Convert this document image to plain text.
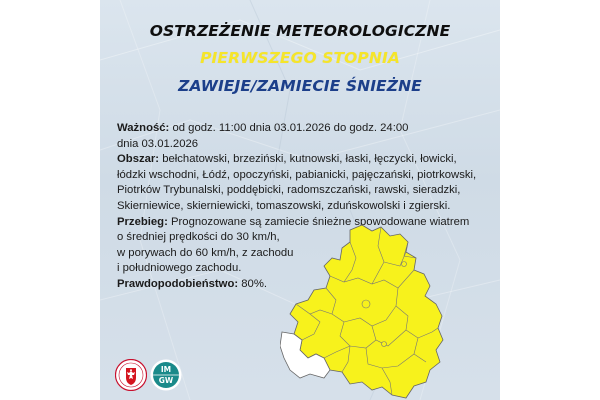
OSTRZEŻENIE METEOROLOGICZNE
PIERWSZEGO STOPNIA
ZAWIEJE/ZAMIECIE ŚNIEŻNE
Ważność: od godz. 11:00 dnia 03.01.2026 do godz. 24:00
dnia 03.01.2026
Obszar: bełchatowski, brzeziński, kutnowski, łaski, łęczycki, łowicki,
łódzki wschodni, Łódź, opoczyński, pabianicki, pajęczański, piotrkowski,
Piotrków Trybunalski, poddębicki, radomszczański, rawski, sieradzki,
Skierniewice, skierniewicki, tomaszowski, zduńskowolski i zgierski.
Przebieg: Prognozowane są zamiecie śnieżne spowodowane wiatrem
o średniej prędkości do 30 km/h,
w porywach do 60 km/h, z zachodu
i południowego zachodu.
Prawdopodobieństwo: 80%.
IM
GW
